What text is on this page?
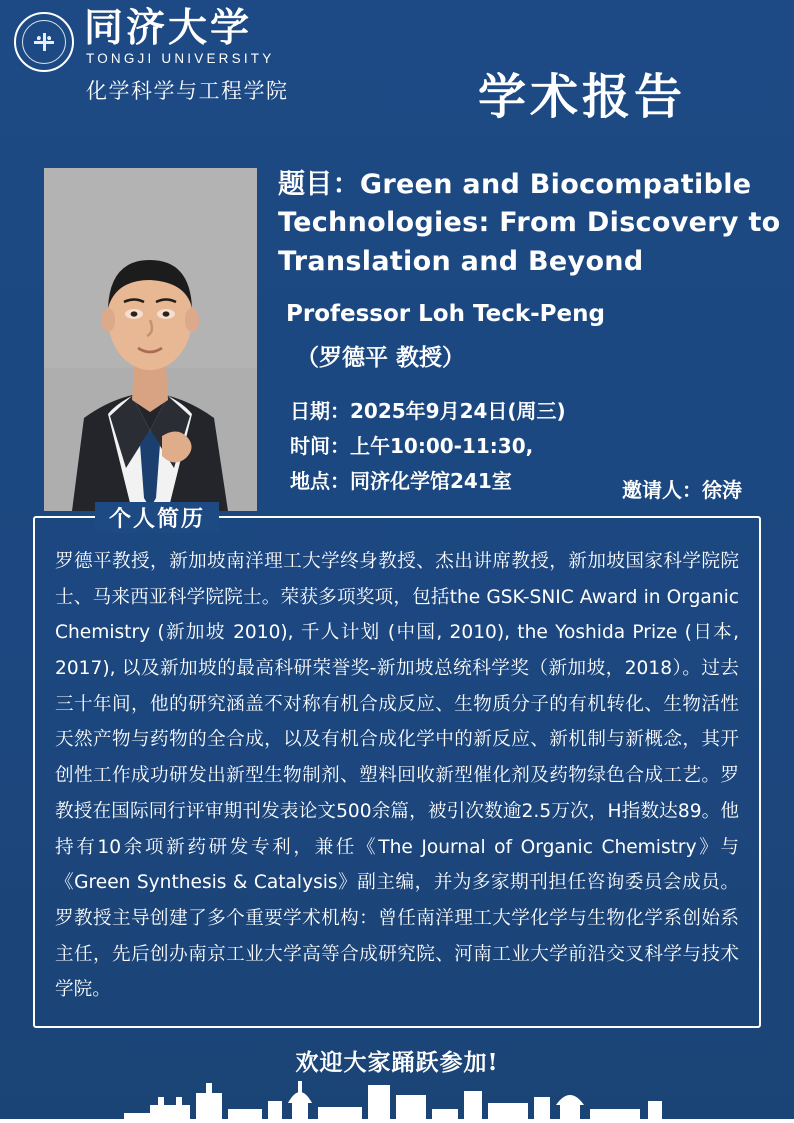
同济大学
TONGJI UNIVERSITY
化学科学与工程学院	学术报告
题目：Green and Biocompatible Technologies: From Discovery to Translation and Beyond
Professor Loh Teck-Peng
（罗德平 教授）
日期：2025年9月24日(周三)
时间：上午10:00-11:30,
地点：同济化学馆241室	邀请人：徐涛
个人简历
罗德平教授，新加坡南洋理工大学终身教授、杰出讲席教授，新加坡国家科学院院士、马来西亚科学院院士。荣获多项奖项，包括the GSK-SNIC Award in Organic Chemistry (新加坡 2010), 千人计划 (中国, 2010), the Yoshida Prize (日本, 2017), 以及新加坡的最高科研荣誉奖-新加坡总统科学奖（新加坡，2018）。过去三十年间，他的研究涵盖不对称有机合成反应、生物质分子的有机转化、生物活性天然产物与药物的全合成，以及有机合成化学中的新反应、新机制与新概念，其开创性工作成功研发出新型生物制剂、塑料回收新型催化剂及药物绿色合成工艺。罗教授在国际同行评审期刊发表论文500余篇，被引次数逾2.5万次，H指数达89。他持有10余项新药研发专利，兼任《The Journal of Organic Chemistry》与《Green Synthesis & Catalysis》副主编，并为多家期刊担任咨询委员会成员。罗教授主导创建了多个重要学术机构：曾任南洋理工大学化学与生物化学系创始系主任，先后创办南京工业大学高等合成研究院、河南工业大学前沿交叉科学与技术学院。
欢迎大家踊跃参加!
